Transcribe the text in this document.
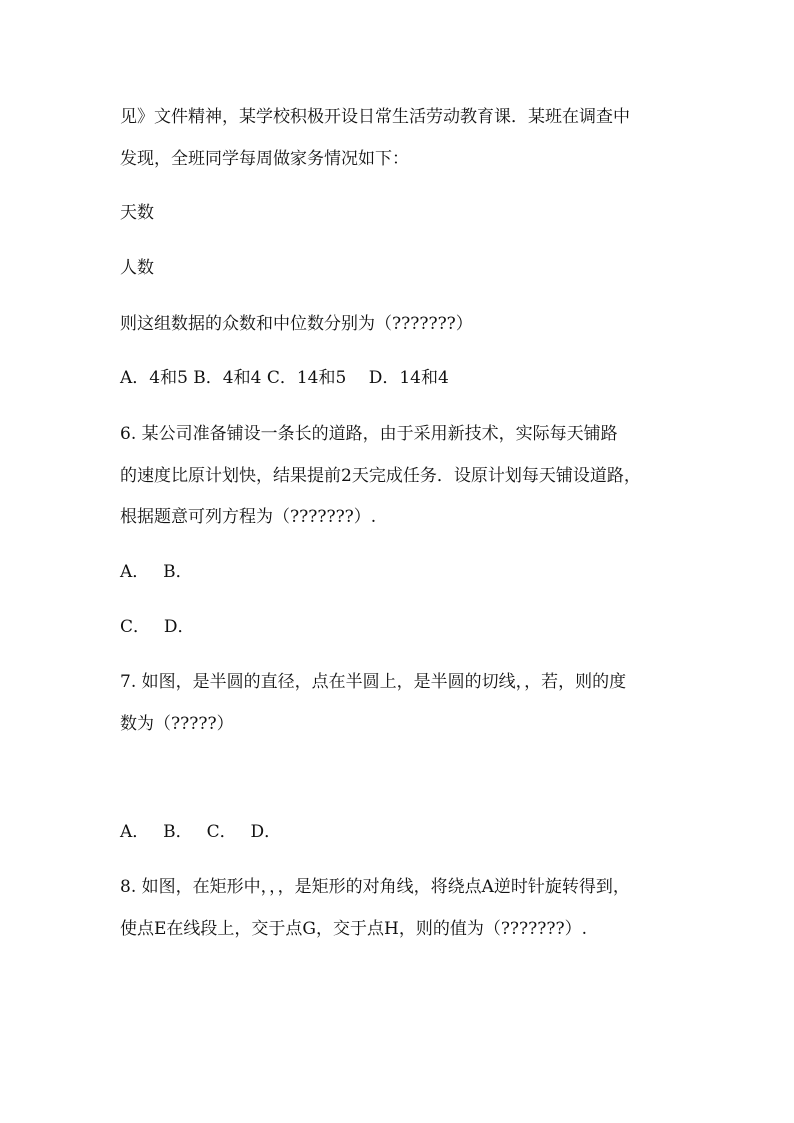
见》文件精神，某学校积极开设日常生活劳动教育课．某班在调查中
发现，全班同学每周做家务情况如下：
天数
人数
则这组数据的众数和中位数分别为（???????）
A．4和5 B．4和4 C．14和5　 D．14和4
6. 某公司准备铺设一条长的道路，由于采用新技术，实际每天铺路
的速度比原计划快，结果提前2天完成任务．设原计划每天铺设道路，
根据题意可列方程为（???????）.
A．　 B．
C．　 D．
7. 如图，是半圆的直径，点在半圆上，是半圆的切线，，若，则的度
数为（?????）
A．　 B．　 C．　 D．
8. 如图，在矩形中，，，是矩形的对角线，将绕点A逆时针旋转得到，
使点E在线段上，交于点G，交于点H，则的值为（???????）.
